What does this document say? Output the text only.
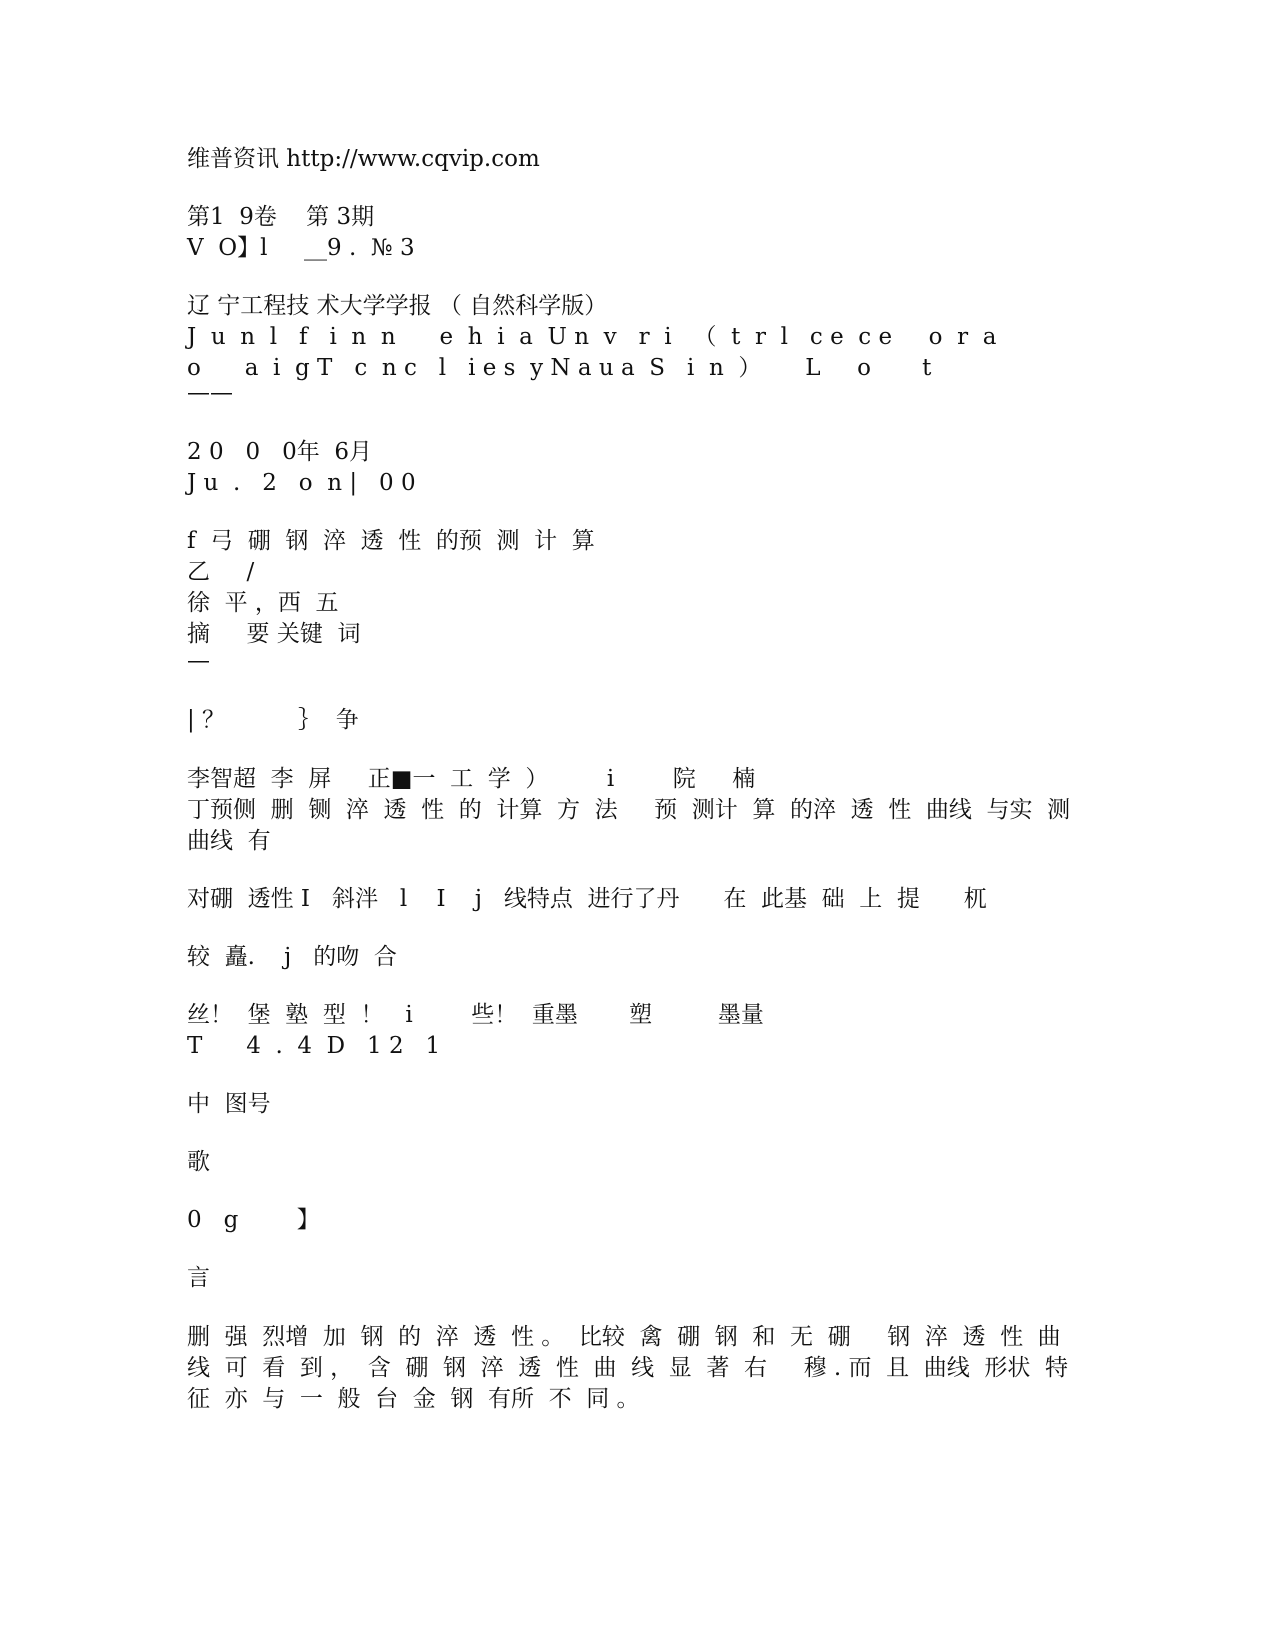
维普资讯 http://www.cqvip.com
第1  9卷    第 3期
V  O】l     __9 .  № 3
辽 宁工程技 术大学学报 （ 自然科学版）
J  u  n  l   f   i  n  n      e  h  i  a  U n  v   r  i   （  t  r  l   c e  c e     o  r  a
o      a  i  g T   c  n c   l   i e s  y N a u a  S   i  n  ）      L     o       t
——
2 0   0   0年  6月
J u  .   2   o  n |   0 0
f  弓  硼  钢  淬  透  性  的预  测  计  算
乙     /
徐  平 ，西  五
摘     要 关键  词
—
| ？          ｝  争
李智超  李  屏     正■一  工  学  ）        i        院     楠
丁预侧  删  铡  淬  透  性  的  计算  方  法     预  测计  算  的淬  透  性  曲线  与实  测
曲线  有
对硼  透性 I   斜泮   l    I    j   线特点  进行了丹      在  此基  础  上  提      杌
较  矗.    j   的吻  合
丝！  堡  塾  型  ！   i        些！  重墨       塑         墨量
T      4  .  4  D   1 2   1
中  图号
歌
0   g        】
言
删  强  烈增  加  钢  的  淬  透  性 。  比较  禽  硼  钢  和  无  硼     钢  淬  透  性  曲
线  可  看  到 ，  含  硼  钢  淬  透  性  曲  线  显  著  右     穆 . 而  且  曲线  形状  特
征  亦  与  一  般  台  金  钢  有所  不  同 。
